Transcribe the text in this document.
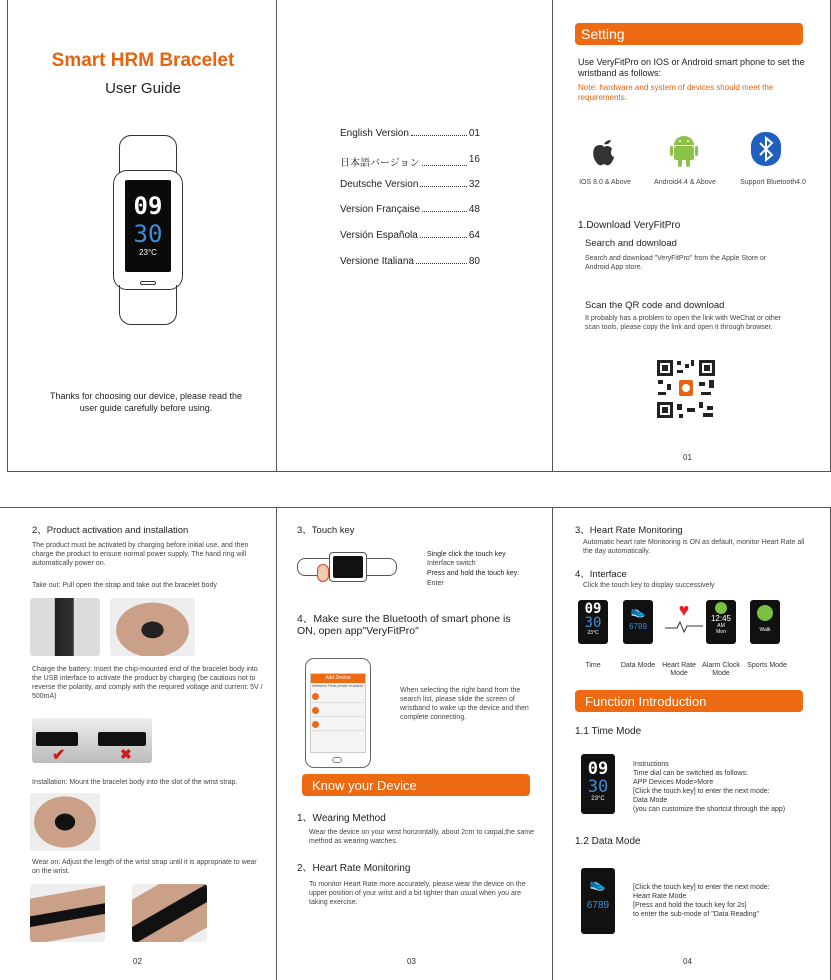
Smart HRM Bracelet
User Guide
09
30
23°C
Thanks for choosing our device, please read the user guide carefully before using.
English Version	01
日本語バージョン	16
Deutsche Version	32
Version Française	48
Versión Española	64
Versione Italiana	80
Setting
Use VeryFitPro on IOS or Android smart phone to set the wristband as follows:
Note: hardware and system of devices should meet the requirements.
IOS 8.0 & Above	Android4.4 & Above	Support Bluetooth4.0
1.Download VeryFitPro
Search and download
Search and download "VeryFitPro" from the Apple Store or Android App store.
Scan the QR code and download
It probably has a problem to open the link with WeChat or other scan tools, please copy the link and open it through browser.
01
2、Product activation and installation
The product must be activated by charging before initial use, and then charge the product to ensure normal power supply. The hand ring will automatically power on.
Take out: Pull open the strap and take out the bracelet body
Charge the battery: Insert the chip-mounted end of the bracelet body into the USB interface to activate the product by charging (be cautious not to reverse the polarity, and comply with the required voltage and current: 5V / 500mA)
✔	✖
Installation: Mount the bracelet body into the slot of the wrist strap.
Wear on: Adjust the length of the wrist strap until it is appropriate to wear on the wrist.
02
3、Touch key
Single click the touch key
Interface switch
Press and hold the touch key:
Enter
4、Make sure the Bluetooth of smart phone is ON, open app"VeryFitPro"
Add Device
Detection Fitnel please re-search
When selecting the right band from the search list, please slide the screen of wristband to wake up the device and then complete connecting.
Know your Device
1、Wearing Method
Wear the device on your wrist horizontally, about 2cm to carpal,the same method as wearing watches.
2、Heart Rate Monitoring
To monitor Heart Rate more accurately, please wear the device on the upper position of your wrist and a bit tighter than usual when you are taking exercise.
03
3、Heart Rate Monitoring
Automatic heart rate Monitoring is ON as default, monitor Heart Rate all the day automatically.
4、Interface
Click the touch key to display successively
09
30
23°C
👟
6789
♥	12:45
AM
Mon	Walk
Time	Data Mode Heart Rate Mode
Alarm Clock Mode
Sports Mode
Function Introduction
1.1 Time Mode
09
30
23°C
Instructions
Time dial can be switched as follows:
APP Devices Mode>More
[Click the touch key] to enter the next mode:
Data Mode
(you can customize the shortcut through the app)
1.2 Data Mode
👟
6789
[Click the touch key] to enter the next mode:
Heart Rate Mode
[Press and hold the touch key for 2s]
to enter the sub-mode of "Data Reading"
04
